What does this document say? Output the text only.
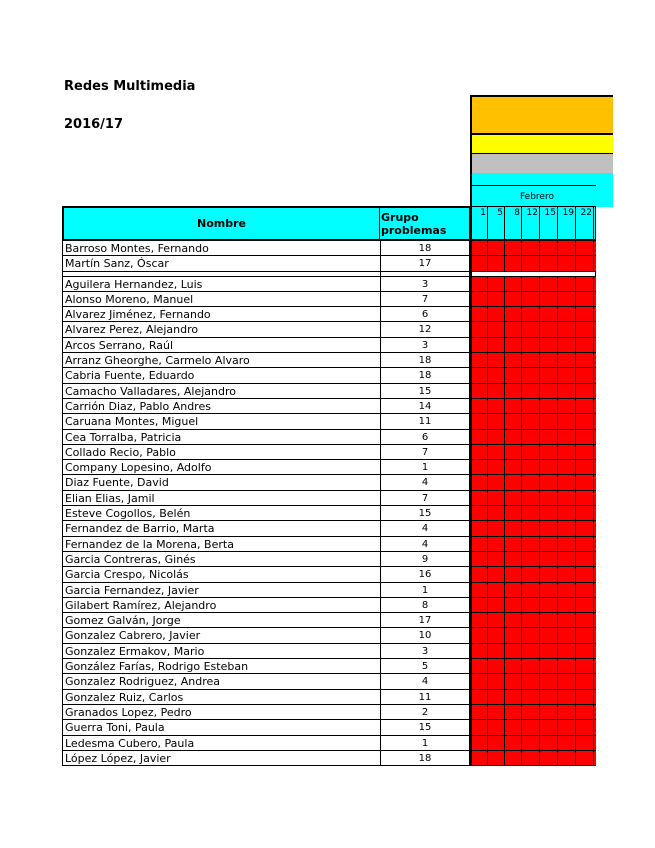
Redes Multimedia
2016/17
Febrero
Nombre	Grupo problemas
1	5	8 12 15 19 22
Barroso Montes, Fernando	18
Martín Sanz, Óscar	17
Aguilera Hernandez, Luis	3
Alonso Moreno, Manuel	7
Alvarez Jiménez, Fernando	6
Alvarez Perez, Alejandro	12
Arcos Serrano, Raúl	3
Arranz Gheorghe, Carmelo Alvaro	18
Cabria Fuente, Eduardo	18
Camacho Valladares, Alejandro	15
Carrión Diaz, Pablo Andres	14
Caruana Montes, Miguel	11
Cea Torralba, Patricia	6
Collado Recio, Pablo	7
Company Lopesino, Adolfo	1
Diaz Fuente, David	4
Elian Elias, Jamil	7
Esteve Cogollos, Belén	15
Fernandez de Barrio, Marta	4
Fernandez de la Morena, Berta	4
Garcia Contreras, Ginés	9
Garcia Crespo, Nicolás	16
Garcia Fernandez, Javier	1
Gilabert Ramírez, Alejandro	8
Gomez Galván, Jorge	17
Gonzalez Cabrero, Javier	10
Gonzalez Ermakov, Mario	3
González Farías, Rodrigo Esteban	5
Gonzalez Rodriguez, Andrea	4
Gonzalez Ruiz, Carlos	11
Granados Lopez, Pedro	2
Guerra Toni, Paula	15
Ledesma Cubero, Paula	1
López López, Javier	18
